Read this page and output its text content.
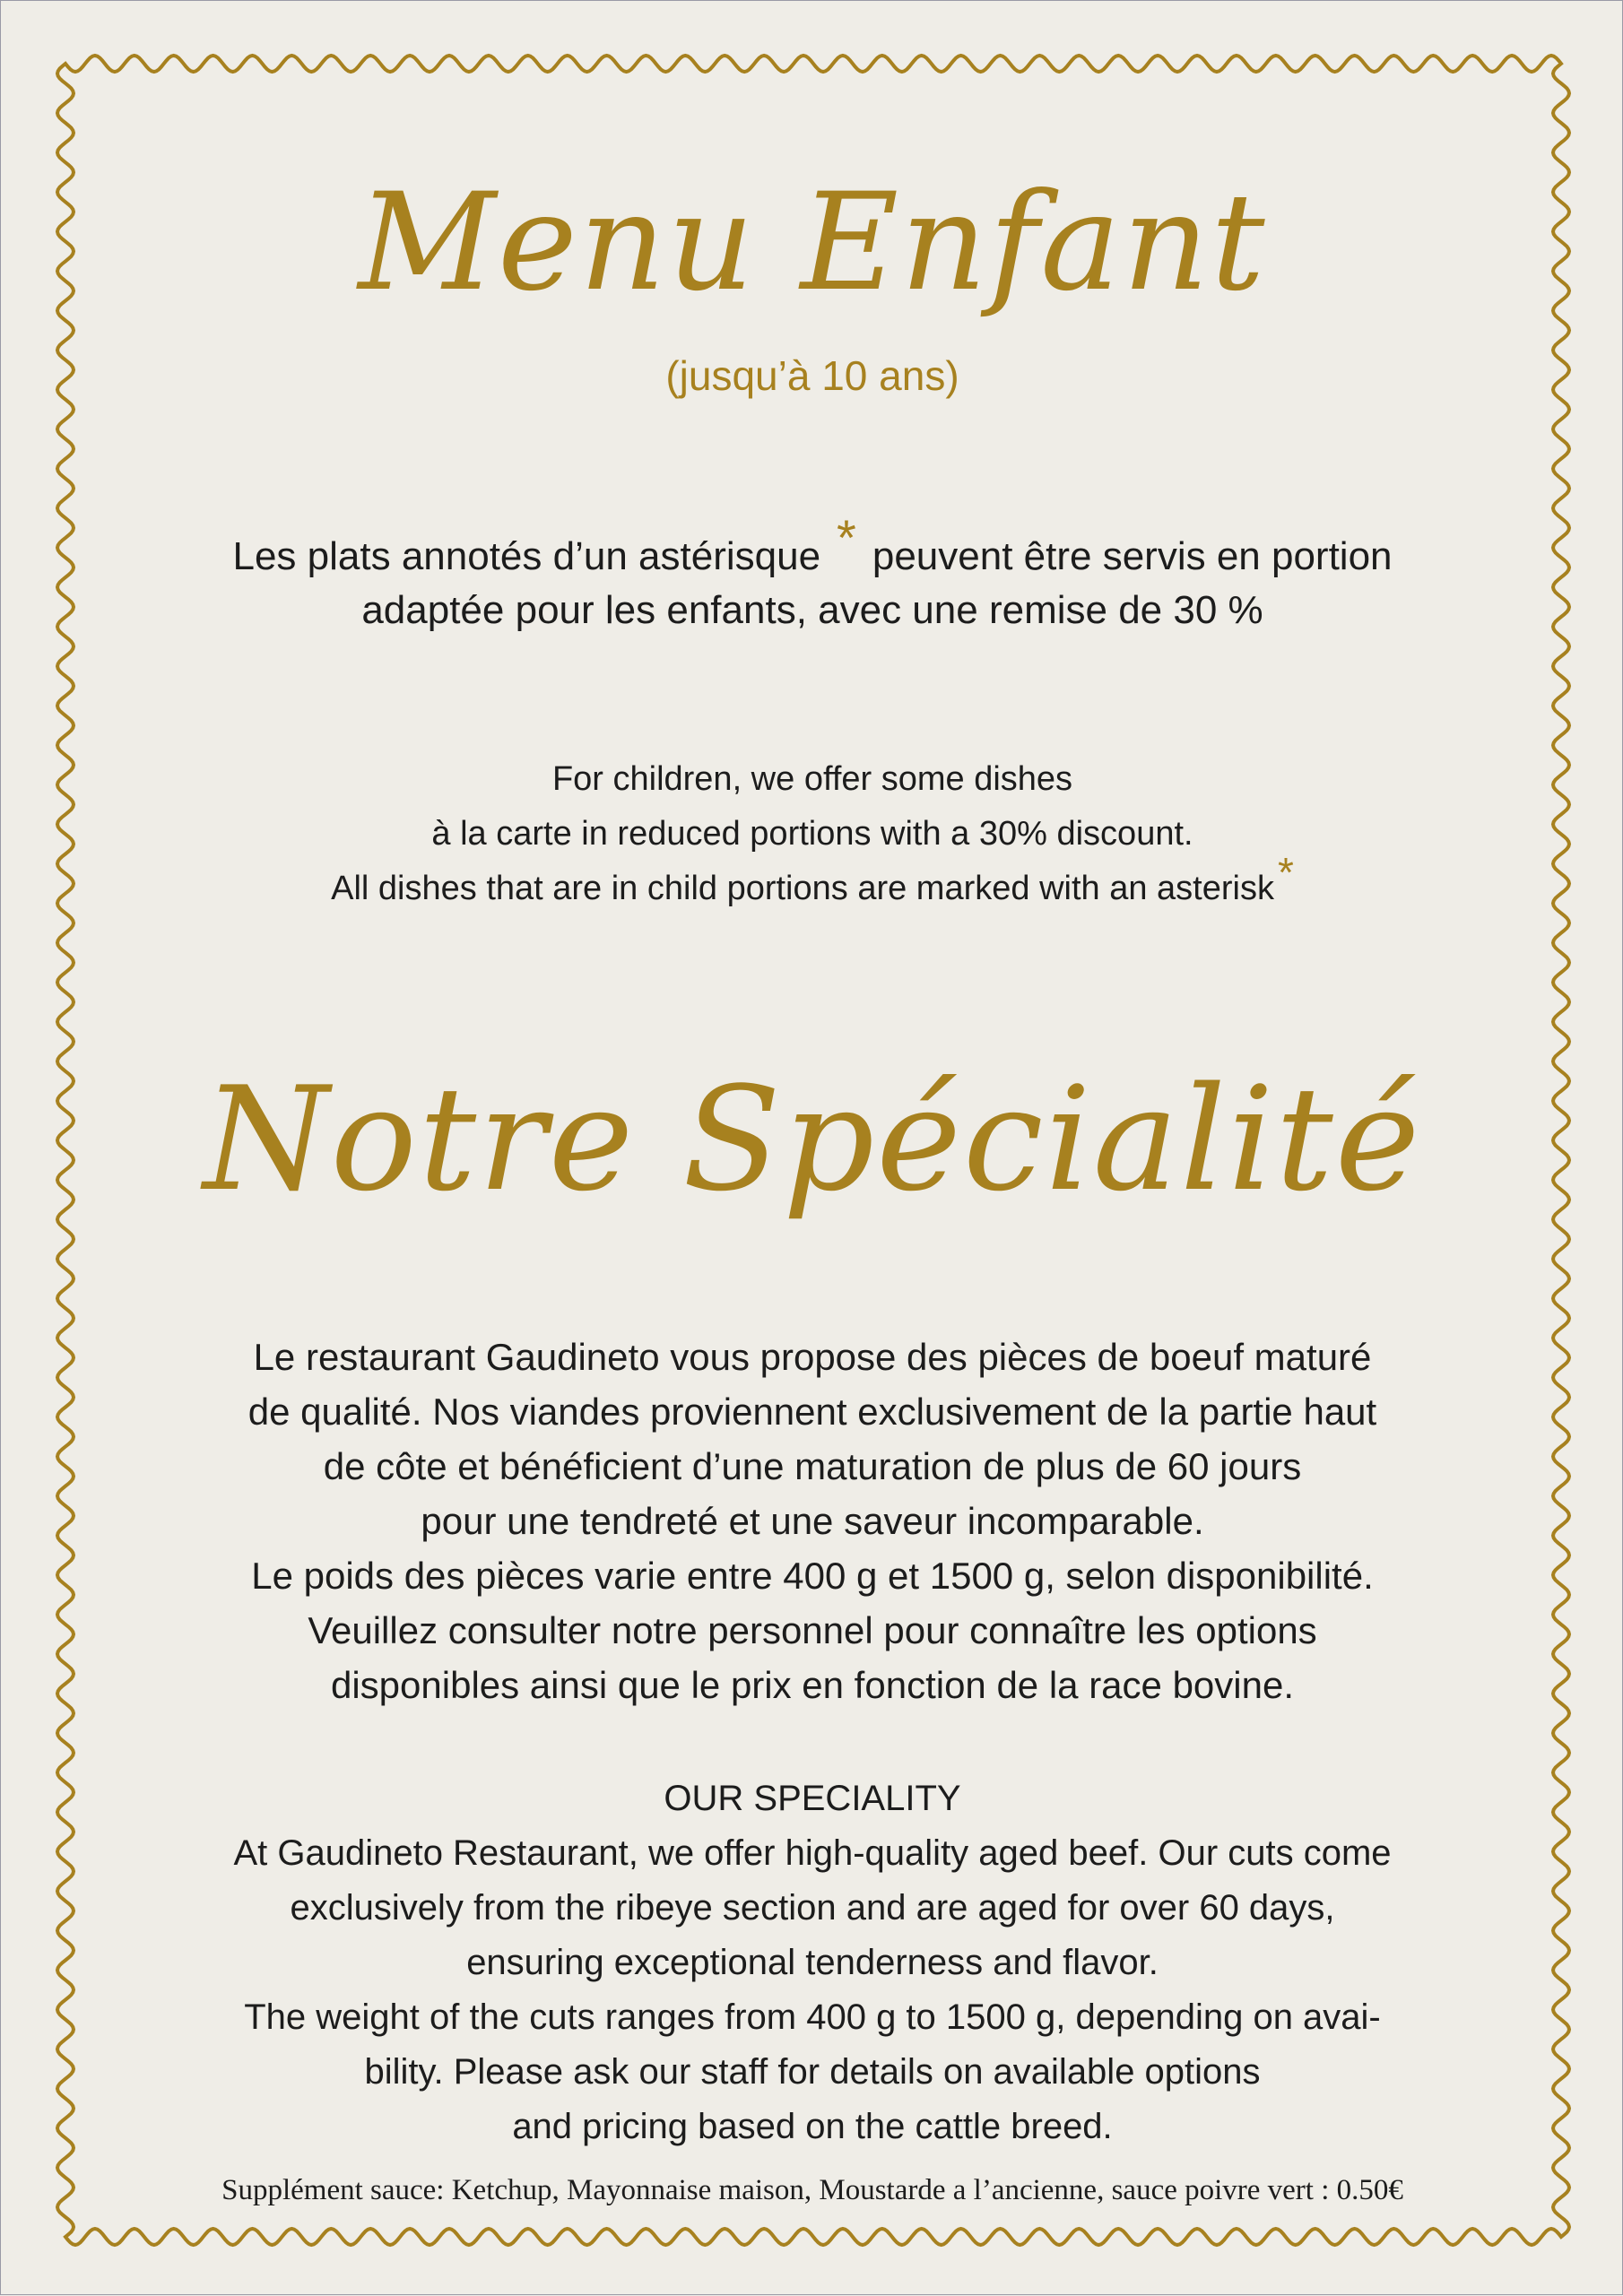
Menu Enfant
(jusqu’à 10 ans)
Les plats annotés d’un astérisque * peuvent être servis en portion
adaptée pour les enfants, avec une remise de 30 %
For children, we offer some dishes
à la carte in reduced portions with a 30% discount.
All dishes that are in child portions are marked with an asterisk*
Notre Spécialité
Le restaurant Gaudineto vous propose des pièces de boeuf maturé
de qualité. Nos viandes proviennent exclusivement de la partie haut
de côte et bénéficient d’une maturation de plus de 60 jours
pour une tendreté et une saveur incomparable.
Le poids des pièces varie entre 400 g et 1500 g, selon disponibilité.
Veuillez consulter notre personnel pour connaître les options
disponibles ainsi que le prix en fonction de la race bovine.
OUR SPECIALITY
At Gaudineto Restaurant, we offer high-quality aged beef. Our cuts come
exclusively from the ribeye section and are aged for over 60 days,
ensuring exceptional tenderness and flavor.
The weight of the cuts ranges from 400 g to 1500 g, depending on avai-
bility. Please ask our staff for details on available options
and pricing based on the cattle breed.
Supplément sauce: Ketchup, Mayonnaise maison, Moustarde a l’ancienne, sauce poivre vert : 0.50€
